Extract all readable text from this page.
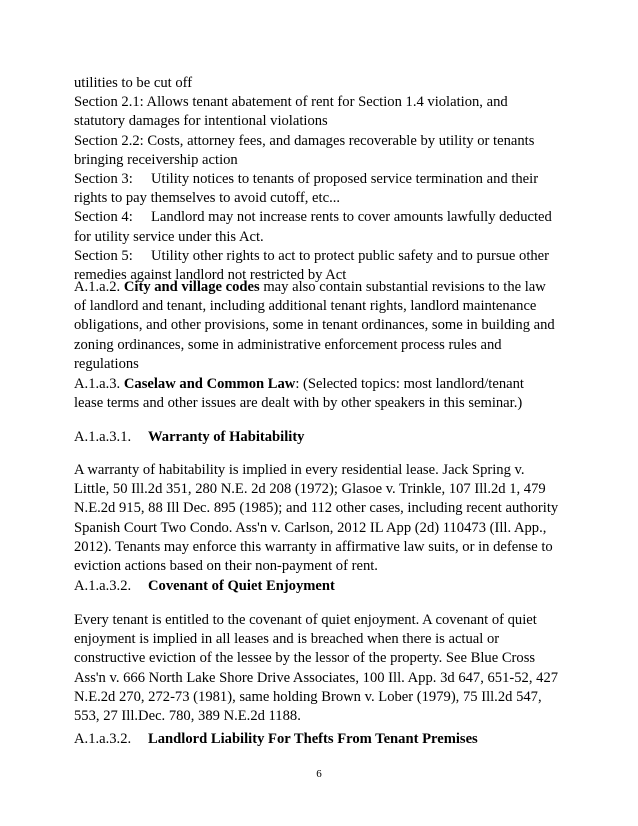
utilities to be cut off
Section 2.1: Allows tenant abatement of rent for Section 1.4 violation, and
statutory damages for intentional violations
Section 2.2: Costs, attorney fees, and damages recoverable by utility or tenants
bringing receivership action
Section 3:     Utility notices to tenants of proposed service termination and their
rights to pay themselves to avoid cutoff, etc...
Section 4:     Landlord may not increase rents to cover amounts lawfully deducted
for utility service under this Act.
Section 5:     Utility other rights to act to protect public safety and to pursue other
remedies against landlord not restricted by Act
A.1.a.2. City and village codes may also contain substantial revisions to the law
of landlord and tenant, including additional tenant rights, landlord maintenance
obligations, and other provisions, some in tenant ordinances, some in building and
zoning ordinances, some in administrative enforcement process rules and
regulations
A.1.a.3. Caselaw and Common Law: (Selected topics: most landlord/tenant
lease terms and other issues are dealt with by other speakers in this seminar.)
A.1.a.3.1. Warranty of Habitability
A warranty of habitability is implied in every residential lease. Jack Spring v.
Little, 50 Ill.2d 351, 280 N.E. 2d 208 (1972); Glasoe v. Trinkle, 107 Ill.2d 1, 479
N.E.2d 915, 88 Ill Dec. 895 (1985); and 112 other cases, including recent authority
Spanish Court Two Condo. Ass'n v. Carlson, 2012 IL App (2d) 110473 (Ill. App.,
2012). Tenants may enforce this warranty in affirmative law suits, or in defense to
eviction actions based on their non-payment of rent.
A.1.a.3.2. Covenant of Quiet Enjoyment
Every tenant is entitled to the covenant of quiet enjoyment. A covenant of quiet
enjoyment is implied in all leases and is breached when there is actual or
constructive eviction of the lessee by the lessor of the property. See Blue Cross
Ass'n v. 666 North Lake Shore Drive Associates, 100 Ill. App. 3d 647, 651-52, 427
N.E.2d 270, 272-73 (1981), same holding Brown v. Lober (1979), 75 Ill.2d 547,
553, 27 Ill.Dec. 780, 389 N.E.2d 1188.
A.1.a.3.2. Landlord Liability For Thefts From Tenant Premises
6
